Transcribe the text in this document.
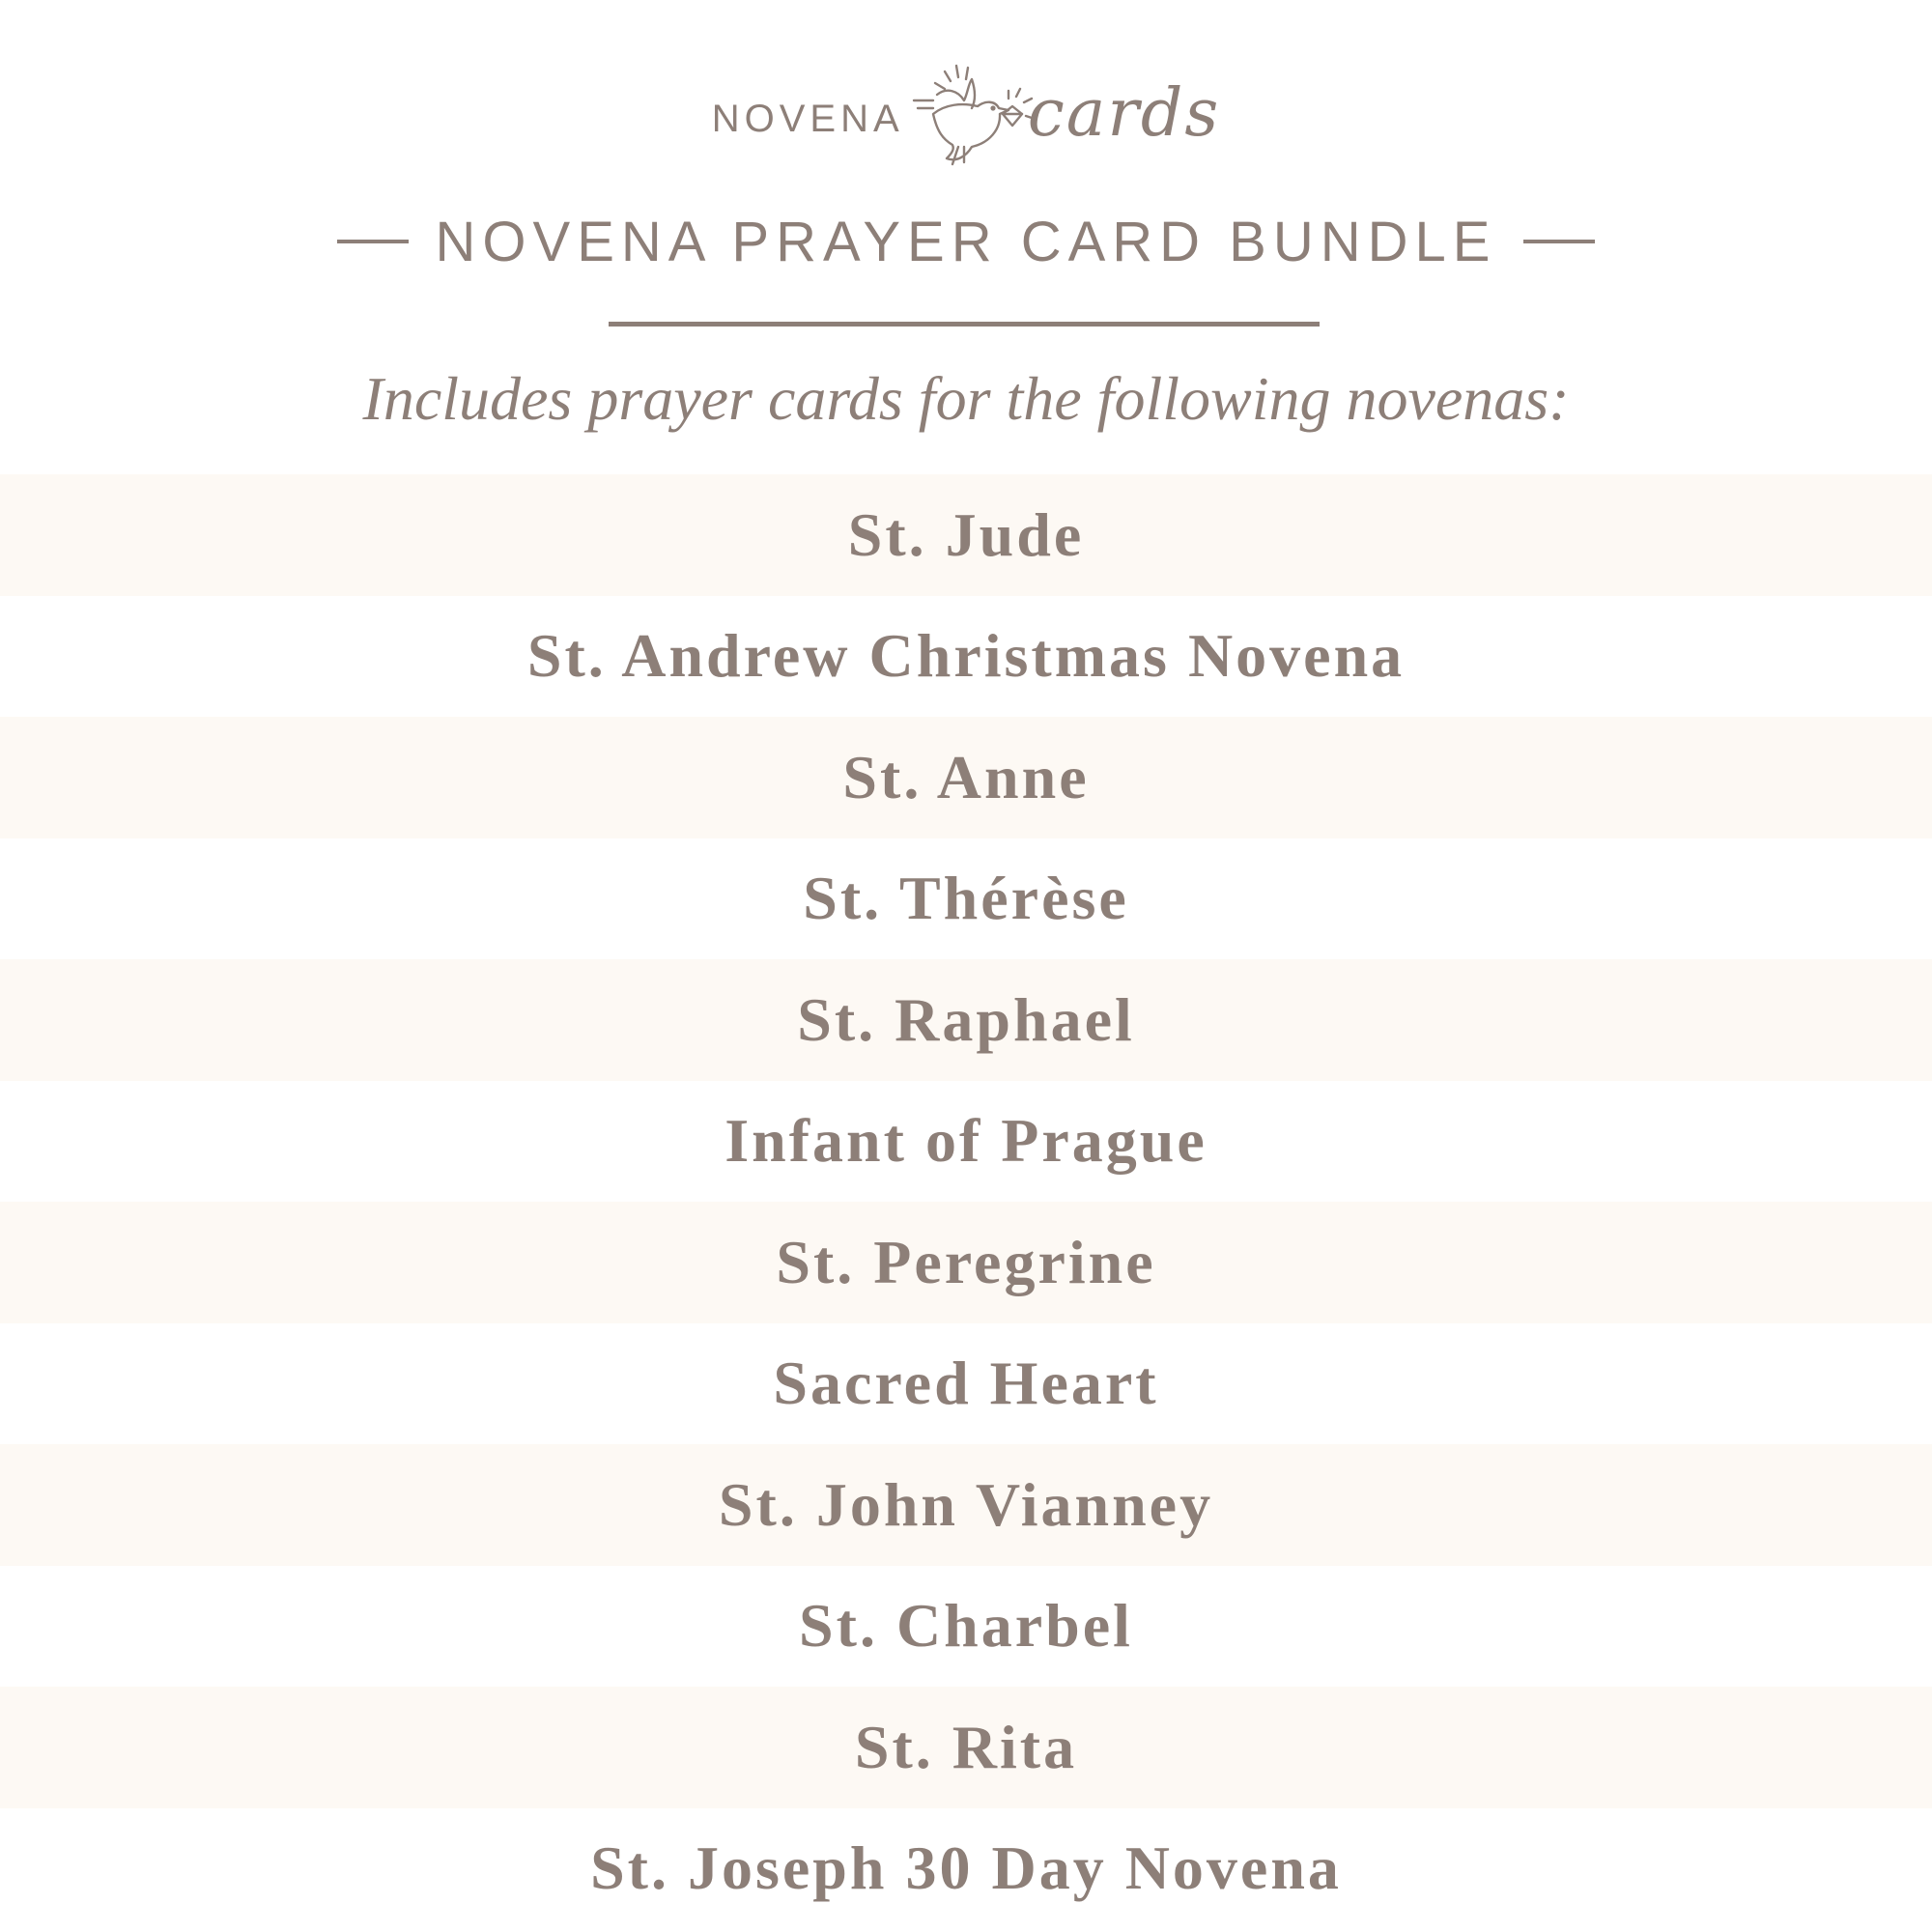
NOVENA cards
NOVENA PRAYER CARD BUNDLE
Includes prayer cards for the following novenas:
St. Jude
St. Andrew Christmas Novena
St. Anne
St. Thérèse
St. Raphael
Infant of Prague
St. Peregrine
Sacred Heart
St. John Vianney
St. Charbel
St. Rita
St. Joseph 30 Day Novena
